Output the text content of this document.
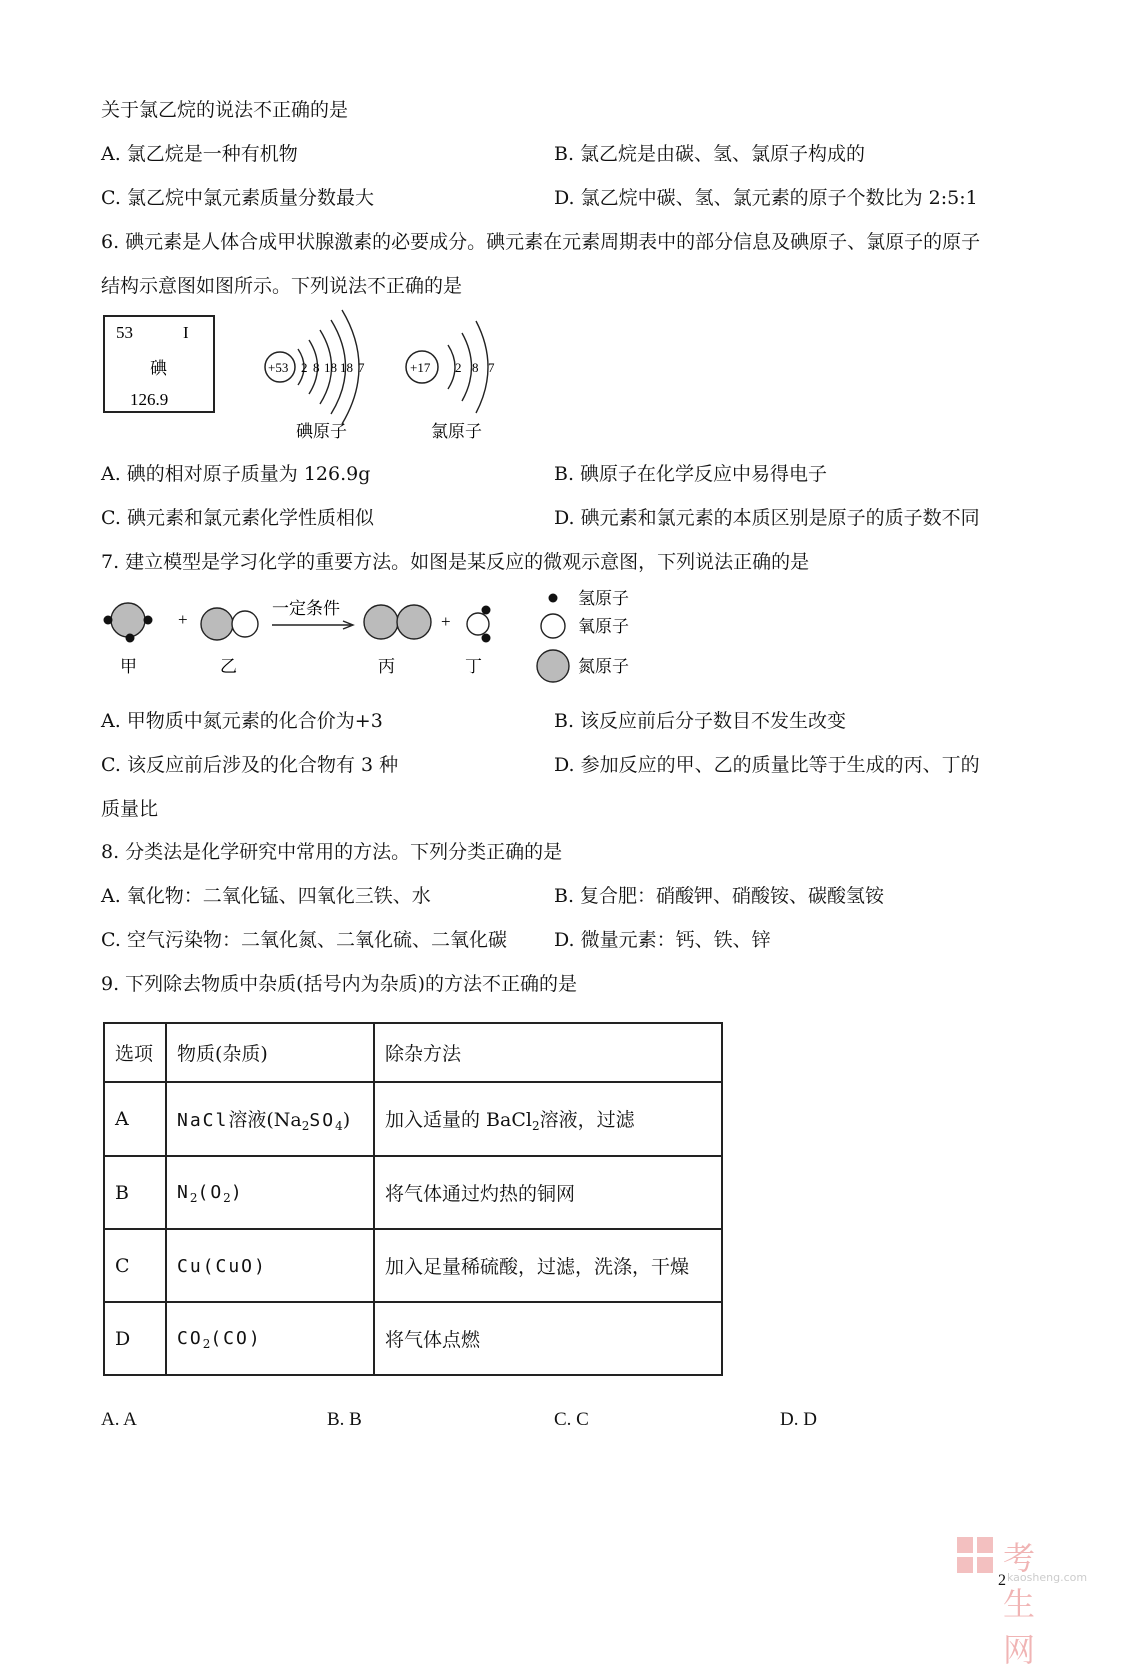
关于氯乙烷的说法不正确的是
A. 氯乙烷是一种有机物	B. 氯乙烷是由碳、氢、氯原子构成的
C. 氯乙烷中氯元素质量分数最大	D. 氯乙烷中碳、氢、氯元素的原子个数比为 2:5:1
6. 碘元素是人体合成甲状腺激素的必要成分。碘元素在元素周期表中的部分信息及碘原子、氯原子的原子
结构示意图如图所示。下列说法不正确的是
53	I
碘
126.9
+53 2 8 18 18 7
碘原子
+17 2 8 7
氯原子
A. 碘的相对原子质量为 126.9g	B. 碘原子在化学反应中易得电子
C. 碘元素和氯元素化学性质相似	D. 碘元素和氯元素的本质区别是原子的质子数不同
7. 建立模型是学习化学的重要方法。如图是某反应的微观示意图，下列说法正确的是
+
一定条件
+
甲	乙	丙	丁
氢原子
氧原子
氮原子
A. 甲物质中氮元素的化合价为+3	B. 该反应前后分子数目不发生改变
C. 该反应前后涉及的化合物有 3 种	D. 参加反应的甲、乙的质量比等于生成的丙、丁的
质量比
8. 分类法是化学研究中常用的方法。下列分类正确的是
A. 氧化物：二氧化锰、四氧化三铁、水	B. 复合肥：硝酸钾、硝酸铵、碳酸氢铵
C. 空气污染物：二氧化氮、二氧化硫、二氧化碳 D. 微量元素：钙、铁、锌
9. 下列除去物质中杂质(括号内为杂质)的方法不正确的是
选项	物质(杂质)	除杂方法
A	NaCl溶液$(Na_2SO_4)$	加入适量的 BaCl$_2$溶液，过滤
B	$N_2(O_2)$	将气体通过灼热的铜网
C	Cu(CuO)	加入足量稀硫酸，过滤，洗涤，干燥
D	$CO_2(CO)$	将气体点燃
A. A	B. B	C. C	D. D
考生网
kaosheng.com
2
